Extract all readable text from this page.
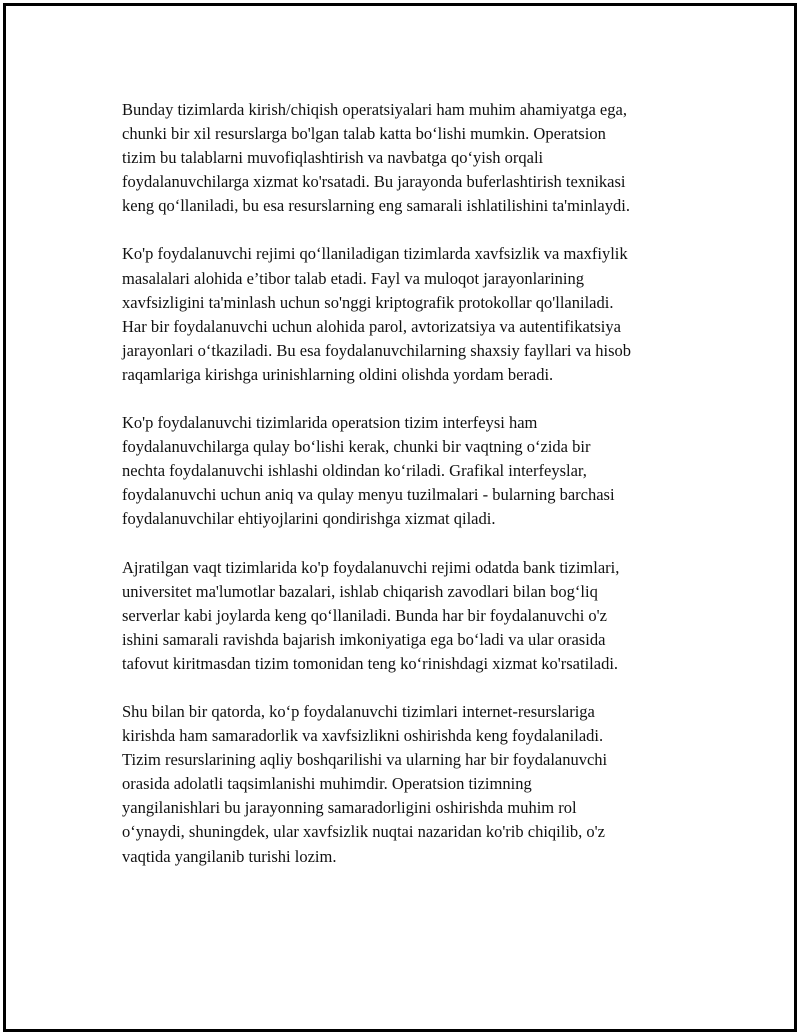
Bunday tizimlarda kirish/chiqish operatsiyalari ham muhim ahamiyatga ega,
chunki bir xil resurslarga bo'lgan talab katta bo‘lishi mumkin. Operatsion
tizim bu talablarni muvofiqlashtirish va navbatga qo‘yish orqali
foydalanuvchilarga xizmat ko'rsatadi. Bu jarayonda buferlashtirish texnikasi
keng qo‘llaniladi, bu esa resurslarning eng samarali ishlatilishini ta'minlaydi.

Ko'p foydalanuvchi rejimi qo‘llaniladigan tizimlarda xavfsizlik va maxfiylik
masalalari alohida e’tibor talab etadi. Fayl va muloqot jarayonlarining
xavfsizligini ta'minlash uchun so'nggi kriptografik protokollar qo'llaniladi.
Har bir foydalanuvchi uchun alohida parol, avtorizatsiya va autentifikatsiya
jarayonlari o‘tkaziladi. Bu esa foydalanuvchilarning shaxsiy fayllari va hisob
raqamlariga kirishga urinishlarning oldini olishda yordam beradi.

Ko'p foydalanuvchi tizimlarida operatsion tizim interfeysi ham
foydalanuvchilarga qulay bo‘lishi kerak, chunki bir vaqtning o‘zida bir
nechta foydalanuvchi ishlashi oldindan ko‘riladi. Grafikal interfeyslar,
foydalanuvchi uchun aniq va qulay menyu tuzilmalari - bularning barchasi
foydalanuvchilar ehtiyojlarini qondirishga xizmat qiladi.

Ajratilgan vaqt tizimlarida ko'p foydalanuvchi rejimi odatda bank tizimlari,
universitet ma'lumotlar bazalari, ishlab chiqarish zavodlari bilan bog‘liq
serverlar kabi joylarda keng qo‘llaniladi. Bunda har bir foydalanuvchi o'z
ishini samarali ravishda bajarish imkoniyatiga ega bo‘ladi va ular orasida
tafovut kiritmasdan tizim tomonidan teng ko‘rinishdagi xizmat ko'rsatiladi.

Shu bilan bir qatorda, ko‘p foydalanuvchi tizimlari internet-resurslariga
kirishda ham samaradorlik va xavfsizlikni oshirishda keng foydalaniladi.
Tizim resurslarining aqliy boshqarilishi va ularning har bir foydalanuvchi
orasida adolatli taqsimlanishi muhimdir. Operatsion tizimning
yangilanishlari bu jarayonning samaradorligini oshirishda muhim rol
o‘ynaydi, shuningdek, ular xavfsizlik nuqtai nazaridan ko'rib chiqilib, o'z
vaqtida yangilanib turishi lozim.
